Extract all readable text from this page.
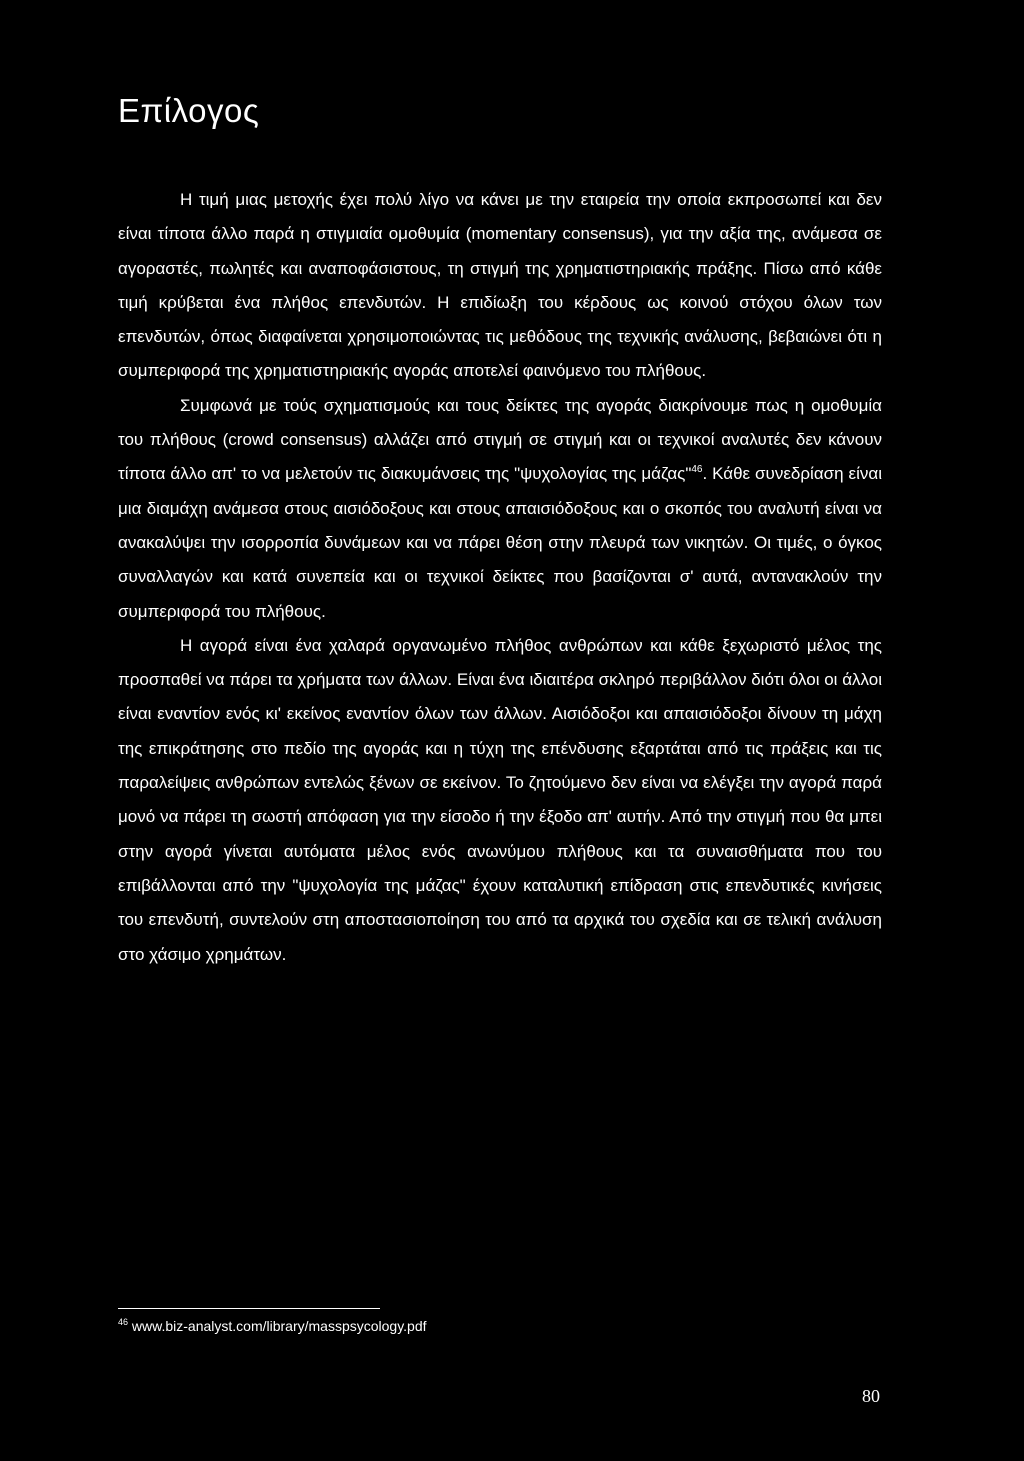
Επίλογος

Η τιμή μιας μετοχής έχει πολύ λίγο να κάνει με την εταιρεία την οποία εκπροσωπεί και δεν είναι τίποτα άλλο παρά η στιγμιαία ομοθυμία (momentary consensus), για την αξία της, ανάμεσα σε αγοραστές, πωλητές και αναποφάσιστους, τη στιγμή της χρηματιστηριακής πράξης. Πίσω από κάθε τιμή κρύβεται ένα πλήθος επενδυτών. Η επιδίωξη του κέρδους ως κοινού στόχου όλων των επενδυτών, όπως διαφαίνεται χρησιμοποιώντας τις μεθόδους της τεχνικής ανάλυσης, βεβαιώνει ότι η συμπεριφορά της χρηματιστηριακής αγοράς αποτελεί φαινόμενο του πλήθους.

Συμφωνά με τούς σχηματισμούς και τους δείκτες της αγοράς διακρίνουμε πως η ομοθυμία του πλήθους (crowd consensus) αλλάζει από στιγμή σε στιγμή και οι τεχνικοί αναλυτές δεν κάνουν τίποτα άλλο απ' το να μελετούν τις διακυμάνσεις της "ψυχολογίας της μάζας"$^{46}$. Κάθε συνεδρίαση είναι μια διαμάχη ανάμεσα στους αισιόδοξους και στους απαισιόδοξους και ο σκοπός του αναλυτή είναι να ανακαλύψει την ισορροπία δυνάμεων και να πάρει θέση στην πλευρά των νικητών. Οι τιμές, ο όγκος συναλλαγών και κατά συνεπεία και οι τεχνικοί δείκτες που βασίζονται σ' αυτά, αντανακλούν την συμπεριφορά του πλήθους.

Η αγορά είναι ένα χαλαρά οργανωμένο πλήθος ανθρώπων και κάθε ξεχωριστό μέλος της προσπαθεί να πάρει τα χρήματα των άλλων. Είναι ένα ιδιαιτέρα σκληρό περιβάλλον διότι όλοι οι άλλοι είναι εναντίον ενός κι' εκείνος εναντίον όλων των άλλων. Αισιόδοξοι και απαισιόδοξοι δίνουν τη μάχη της επικράτησης στο πεδίο της αγοράς και η τύχη της επένδυσης εξαρτάται από τις πράξεις και τις παραλείψεις ανθρώπων εντελώς ξένων σε εκείνον. Το ζητούμενο δεν είναι να ελέγξει την αγορά παρά μονό να πάρει τη σωστή απόφαση για την είσοδο ή την έξοδο απ' αυτήν. Από την στιγμή που θα μπει στην αγορά γίνεται αυτόματα μέλος ενός ανωνύμου πλήθους και τα συναισθήματα που του επιβάλλονται από την "ψυχολογία της μάζας" έχουν καταλυτική επίδραση στις επενδυτικές κινήσεις του επενδυτή, συντελούν στη αποστασιοποίηση του από τα αρχικά του σχεδία και σε τελική ανάλυση στο χάσιμο χρημάτων.

$^{46}$ www.biz-analyst.com/library/masspsycology.pdf
80
